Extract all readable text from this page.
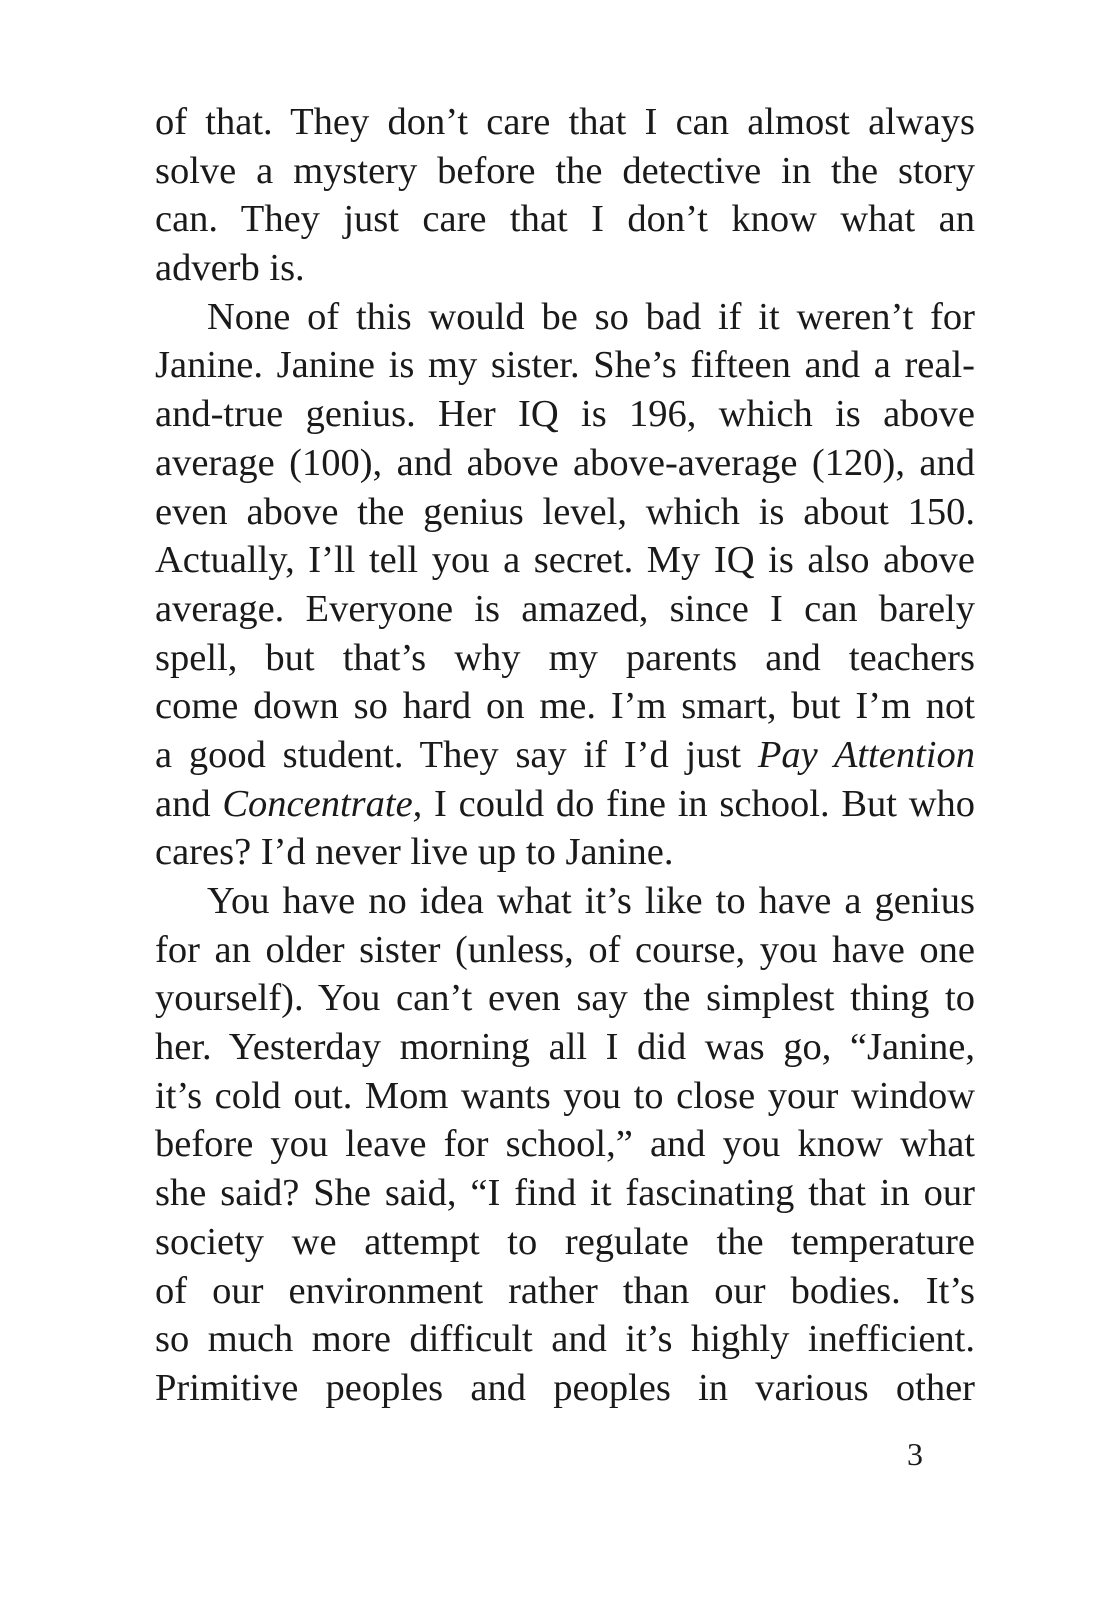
of that. They don’t care that I can almost always
solve a mystery before the detective in the story
can. They just care that I don’t know what an
adverb is.
None of this would be so bad if it weren’t for
Janine. Janine is my sister. She’s fifteen and a real-
and-true genius. Her IQ is 196, which is above
average (100), and above above-average (120), and
even above the genius level, which is about 150.
Actually, I’ll tell you a secret. My IQ is also above
average. Everyone is amazed, since I can barely
spell, but that’s why my parents and teachers
come down so hard on me. I’m smart, but I’m not
a good student. They say if I’d just Pay Attention
and Concentrate, I could do fine in school. But who
cares? I’d never live up to Janine.
You have no idea what it’s like to have a genius
for an older sister (unless, of course, you have one
yourself). You can’t even say the simplest thing to
her. Yesterday morning all I did was go, “Janine,
it’s cold out. Mom wants you to close your window
before you leave for school,” and you know what
she said? She said, “I find it fascinating that in our
society we attempt to regulate the temperature
of our environment rather than our bodies. It’s
so much more difficult and it’s highly inefficient.
Primitive peoples and peoples in various other
3
